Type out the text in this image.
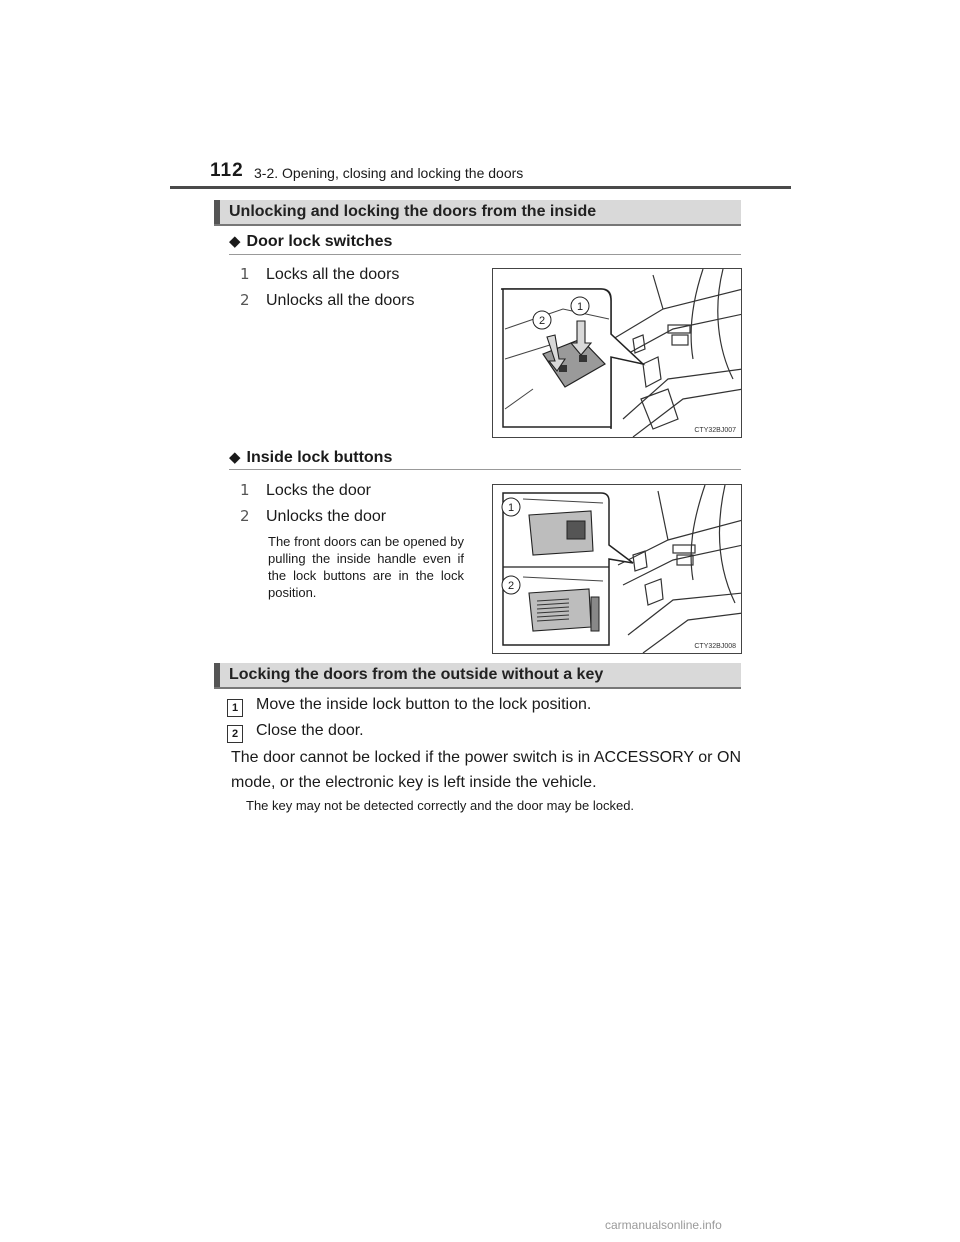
112 3-2. Opening, closing and locking the doors
Unlocking and locking the doors from the inside
◆ Door lock switches
1 Locks all the doors
2 Unlocks all the doors	1
2
CTY32BJ007
◆ Inside lock buttons
1 Locks the door
2 Unlocks the door
The front doors can be opened by pulling the inside handle even if the lock buttons are in the lock position.
1
2
CTY32BJ008
Locking the doors from the outside without a key
1 Move the inside lock button to the lock position.
2 Close the door.
The door cannot be locked if the power switch is in ACCESSORY or ON mode, or the electronic key is left inside the vehicle.
The key may not be detected correctly and the door may be locked.
carmanualsonline.info
